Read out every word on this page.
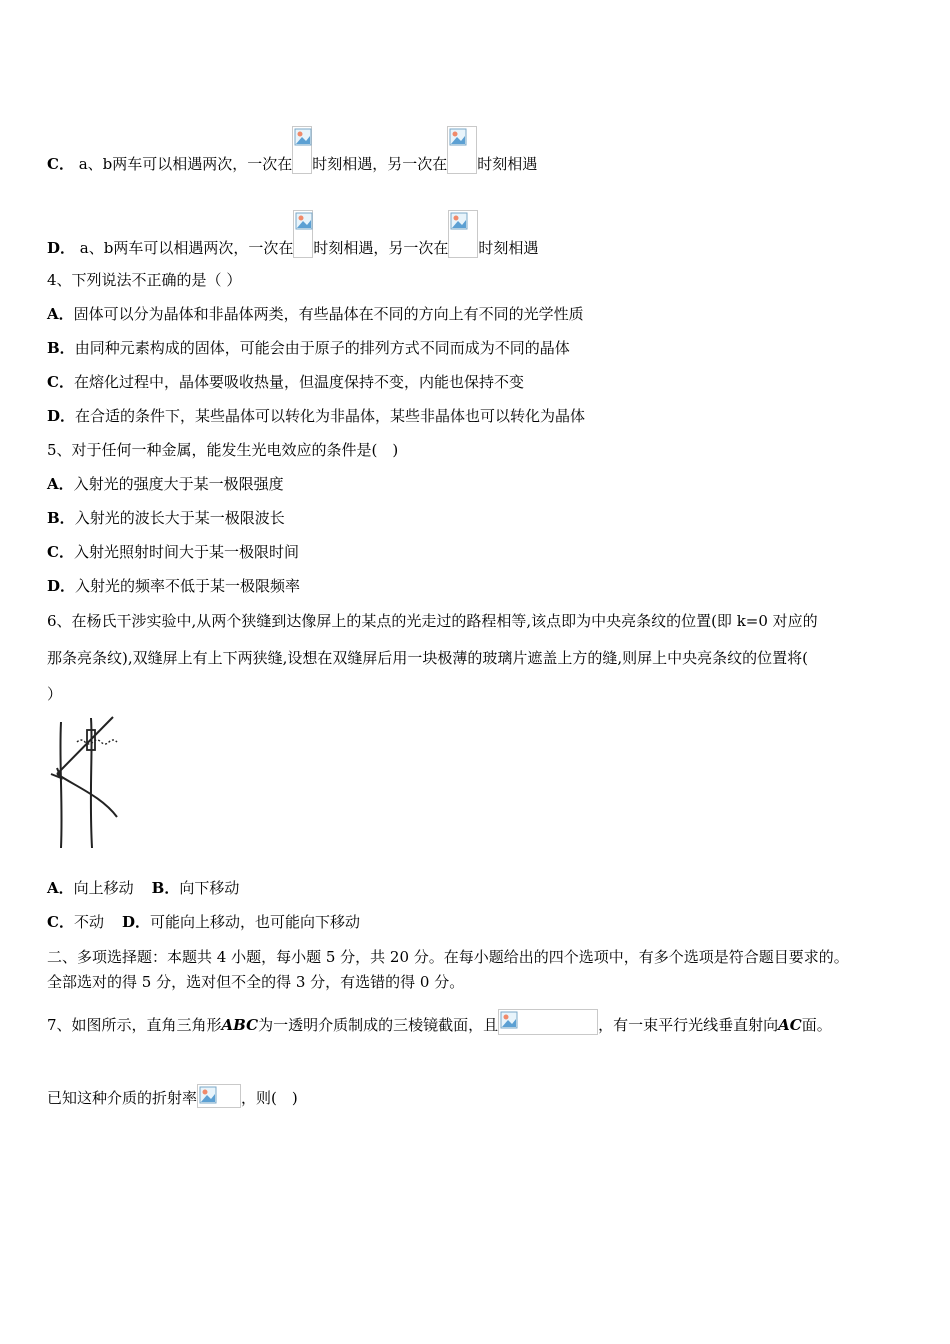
C． a、b两车可以相遇两次，一次在 时刻相遇，另一次在 时刻相遇
D． a、b两车可以相遇两次，一次在 时刻相遇，另一次在 时刻相遇
4、下列说法不正确的是（ ）
A．固体可以分为晶体和非晶体两类，有些晶体在不同的方向上有不同的光学性质
B．由同种元素构成的固体，可能会由于原子的排列方式不同而成为不同的晶体
C．在熔化过程中，晶体要吸收热量，但温度保持不变，内能也保持不变
D．在合适的条件下，某些晶体可以转化为非晶体，某些非晶体也可以转化为晶体
5、对于任何一种金属，能发生光电效应的条件是(　)
A．入射光的强度大于某一极限强度
B．入射光的波长大于某一极限波长
C．入射光照射时间大于某一极限时间
D．入射光的频率不低于某一极限频率
6、在杨氏干涉实验中,从两个狭缝到达像屏上的某点的光走过的路程相等,该点即为中央亮条纹的位置(即 k=0 对应的
那条亮条纹),双缝屏上有上下两狭缝,设想在双缝屏后用一块极薄的玻璃片遮盖上方的缝,则屏上中央亮条纹的位置将(
）
A．向上移动 B．向下移动
C．不动 D．可能向上移动，也可能向下移动
二、多项选择题：本题共 4 小题，每小题 5 分，共 20 分。在每小题给出的四个选项中，有多个选项是符合题目要求的。
全部选对的得 5 分，选对但不全的得 3 分，有选错的得 0 分。
7、如图所示，直角三角形ABC为一透明介质制成的三棱镜截面，且	，有一束平行光线垂直射向AC面。
已知这种介质的折射率	，则(　)
